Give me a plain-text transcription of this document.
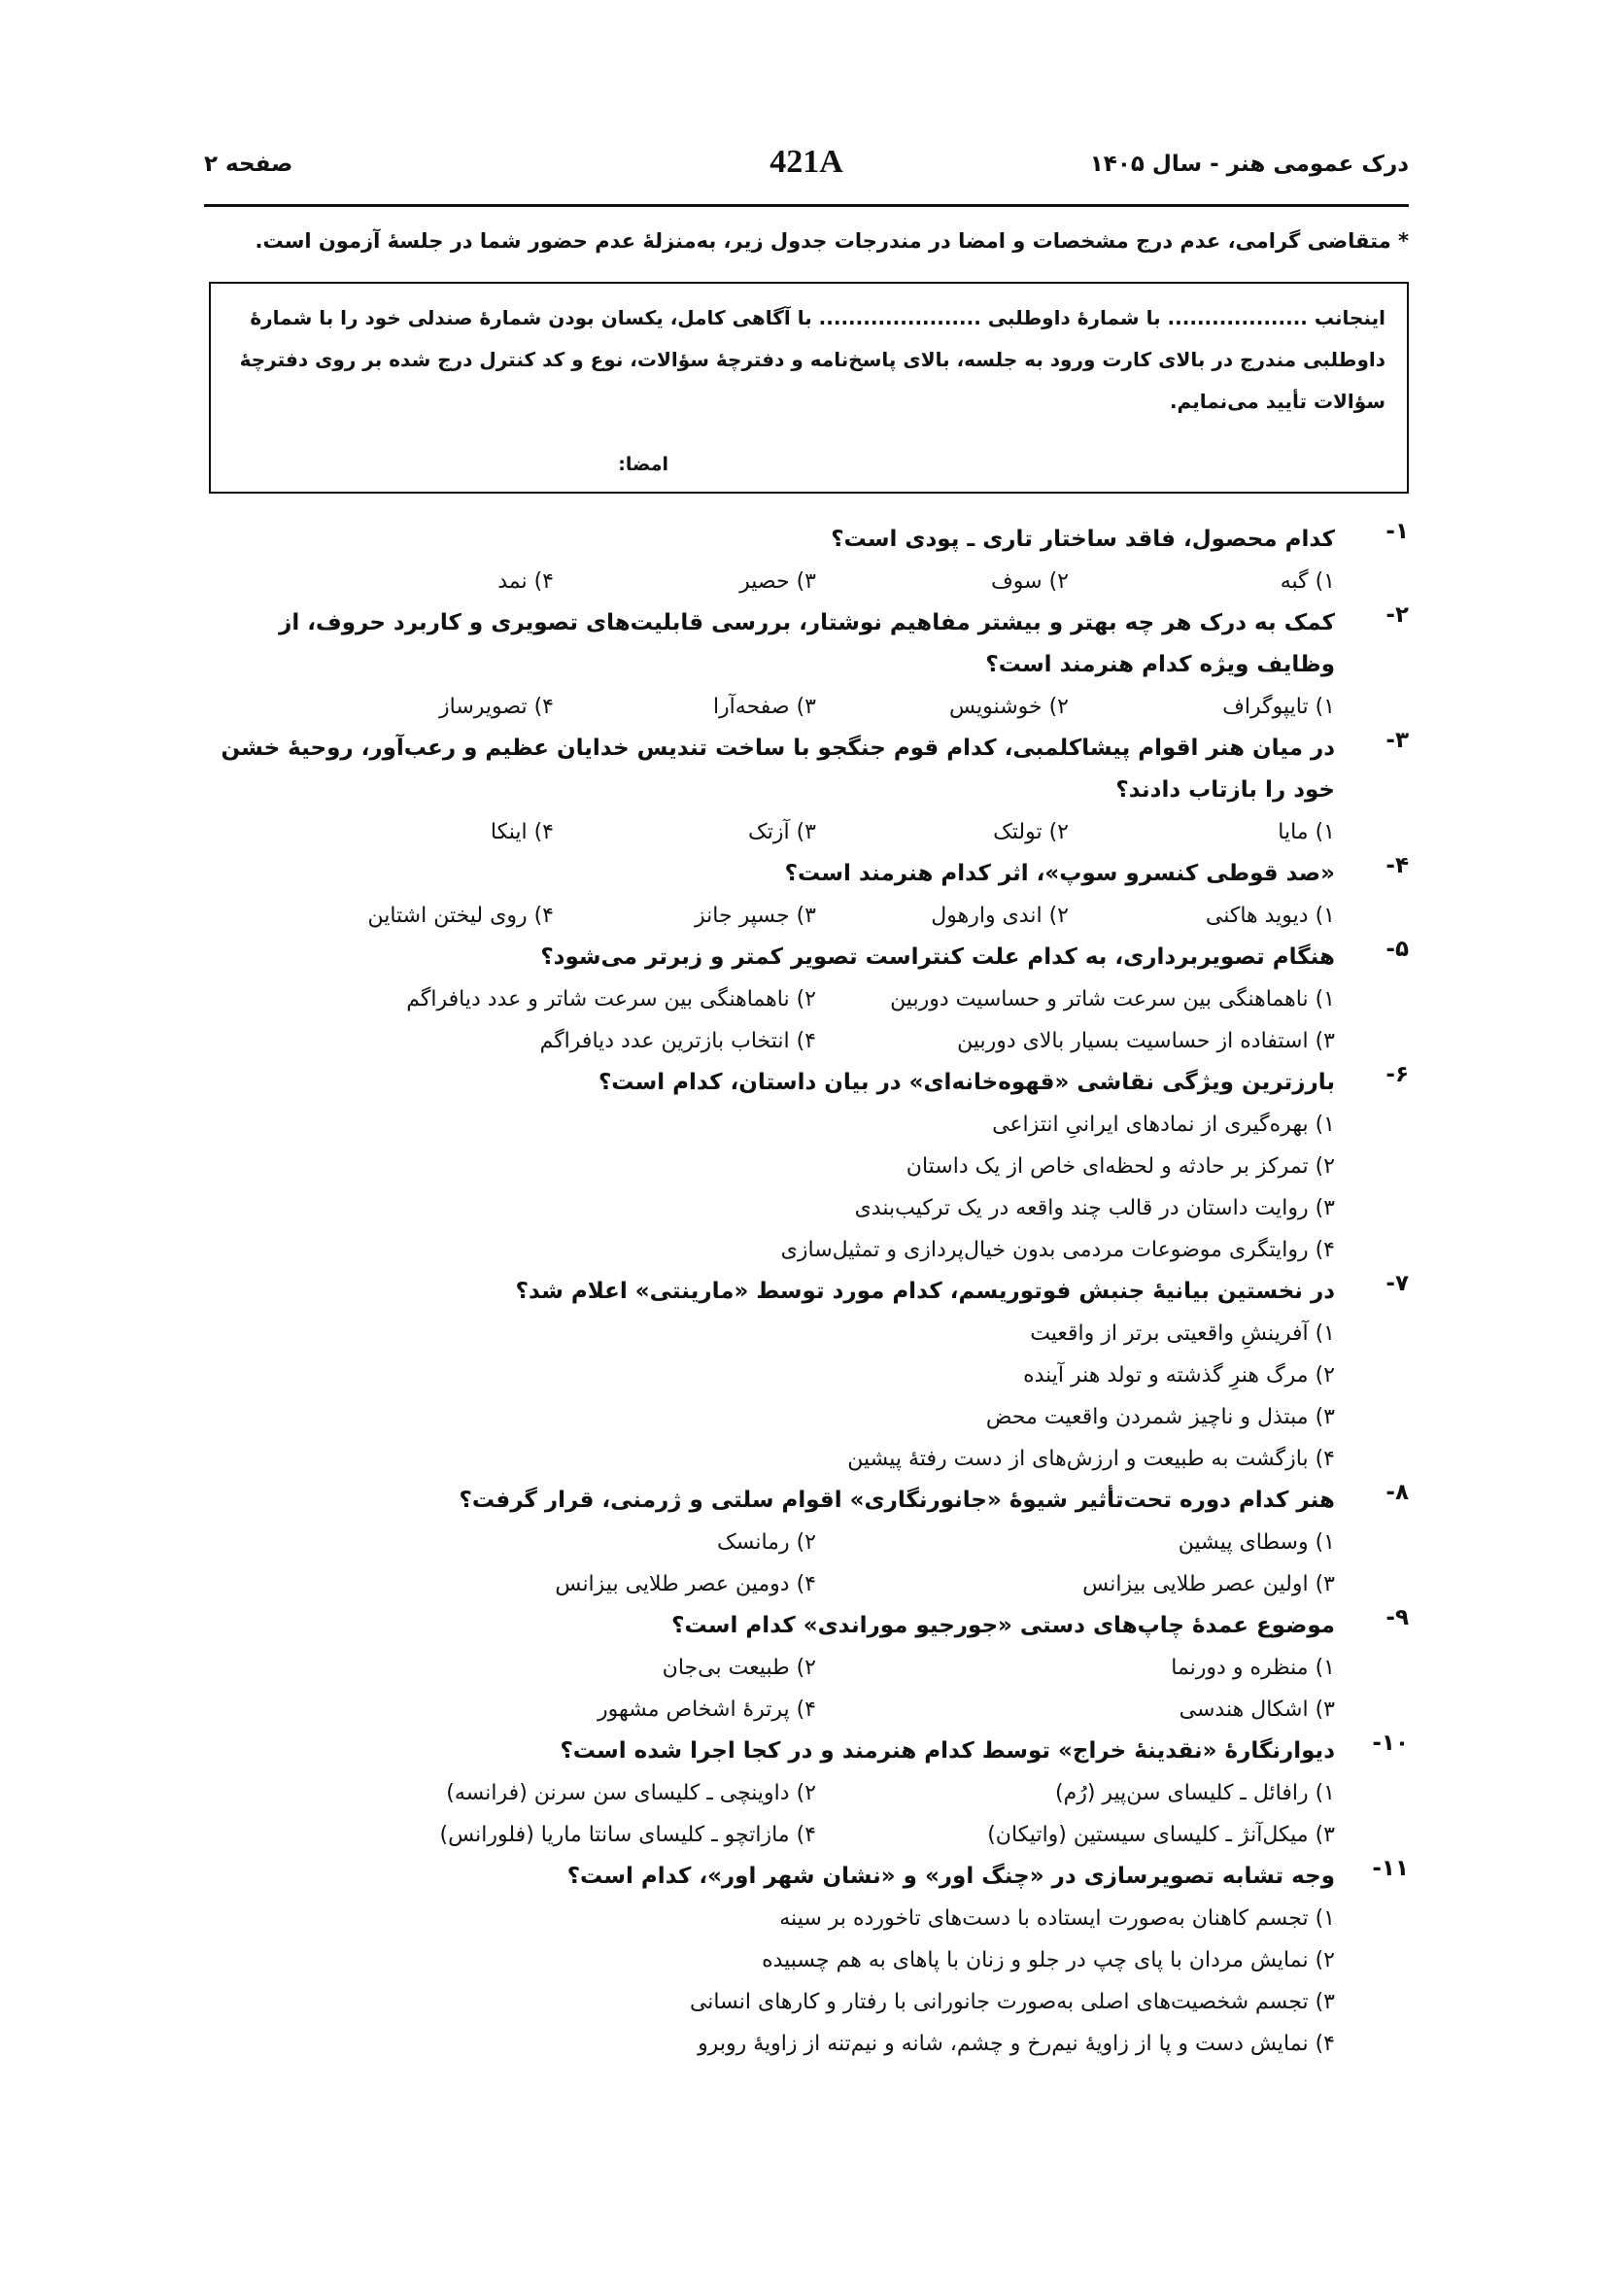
درک عمومی هنر - سال ۱۴۰۵
421A
صفحه ۲
* متقاضی گرامی، عدم درج مشخصات و امضا در مندرجات جدول زیر، به‌منزلهٔ عدم حضور شما در جلسهٔ آزمون است.
اینجانب ................... با شمارهٔ داوطلبی ...................... با آگاهی کامل، یکسان بودن شمارهٔ صندلی خود را با شمارهٔ
داوطلبی مندرج در بالای کارت ورود به جلسه، بالای پاسخ‌نامه و دفترچهٔ سؤالات، نوع و کد کنترل درج شده بر روی دفترچهٔ
سؤالات تأیید می‌نمایم.
امضا:
۱-
کدام محصول، فاقد ساختار تاری ـ پودی است؟
۱) گبه
۲) سوف
۳) حصیر
۴) نمد
۲-
کمک به درک هر چه بهتر و بیشتر مفاهیم نوشتار، بررسی قابلیت‌های تصویری و کاربرد حروف، از وظایف ویژه کدام هنرمند است؟
۱) تایپوگراف
۲) خوشنویس
۳) صفحه‌آرا
۴) تصویرساز
۳-
در میان هنر اقوام پیشاکلمبی، کدام قوم جنگجو با ساخت تندیس خدایان عظیم و رعب‌آور، روحیهٔ خشن خود را بازتاب دادند؟
۱) مایا
۲) تولتک
۳) آزتک
۴) اینکا
۴-
«صد قوطی کنسرو سوپ»، اثر کدام هنرمند است؟
۱) دیوید هاکنی
۲) اندی وارهول
۳) جسپر جانز
۴) روی لیختن اشتاین
۵-
هنگام تصویربرداری، به کدام علت کنتراست تصویر کمتر و زبرتر می‌شود؟
۱) ناهماهنگی بین سرعت شاتر و حساسیت دوربین
۲) ناهماهنگی بین سرعت شاتر و عدد دیافراگم
۳) استفاده از حساسیت بسیار بالای دوربین
۴) انتخاب بازترین عدد دیافراگم
۶-
بارزترین ویژگی نقاشی «قهوه‌خانه‌ای» در بیان داستان، کدام است؟
۱) بهره‌گیری از نمادهای ایرانیِ انتزاعی
۲) تمرکز بر حادثه و لحظه‌ای خاص از یک داستان
۳) روایت داستان در قالب چند واقعه در یک ترکیب‌بندی
۴) روایتگری موضوعات مردمی بدون خیال‌پردازی و تمثیل‌سازی
۷-
در نخستین بیانیهٔ جنبش فوتوریسم، کدام مورد توسط «مارینتی» اعلام شد؟
۱) آفرینشِ واقعیتی برتر از واقعیت
۲) مرگ هنرِ گذشته و تولد هنر آینده
۳) مبتذل و ناچیز شمردن واقعیت محض
۴) بازگشت به طبیعت و ارزش‌های از دست رفتهٔ پیشین
۸-
هنر کدام دوره تحت‌تأثیر شیوهٔ «جانورنگاری» اقوام سلتی و ژرمنی، قرار گرفت؟
۱) وسطای پیشین
۲) رمانسک
۳) اولین عصر طلایی بیزانس
۴) دومین عصر طلایی بیزانس
۹-
موضوع عمدهٔ چاپ‌های دستی «جورجیو موراندی» کدام است؟
۱) منظره و دورنما
۲) طبیعت بی‌جان
۳) اشکال هندسی
۴) پرترهٔ اشخاص مشهور
۱۰-
دیوارنگارهٔ «نقدینهٔ خراج» توسط کدام هنرمند و در کجا اجرا شده است؟
۱) رافائل ـ کلیسای سن‌پیر (رُم)
۲) داوینچی ـ کلیسای سن سرنن (فرانسه)
۳) میکل‌آنژ ـ کلیسای سیستین (واتیکان)
۴) مازاتچو ـ کلیسای سانتا ماریا (فلورانس)
۱۱-
وجه تشابه تصویرسازی در «چنگ اور» و «نشان شهر اور»، کدام است؟
۱) تجسم کاهنان به‌صورت ایستاده با دست‌های تاخورده بر سینه
۲) نمایش مردان با پای چپ در جلو و زنان با پاهای به هم چسبیده
۳) تجسم شخصیت‌های اصلی به‌صورت جانورانی با رفتار و کارهای انسانی
۴) نمایش دست و پا از زاویهٔ نیم‌رخ و چشم، شانه و نیم‌تنه از زاویهٔ روبرو
